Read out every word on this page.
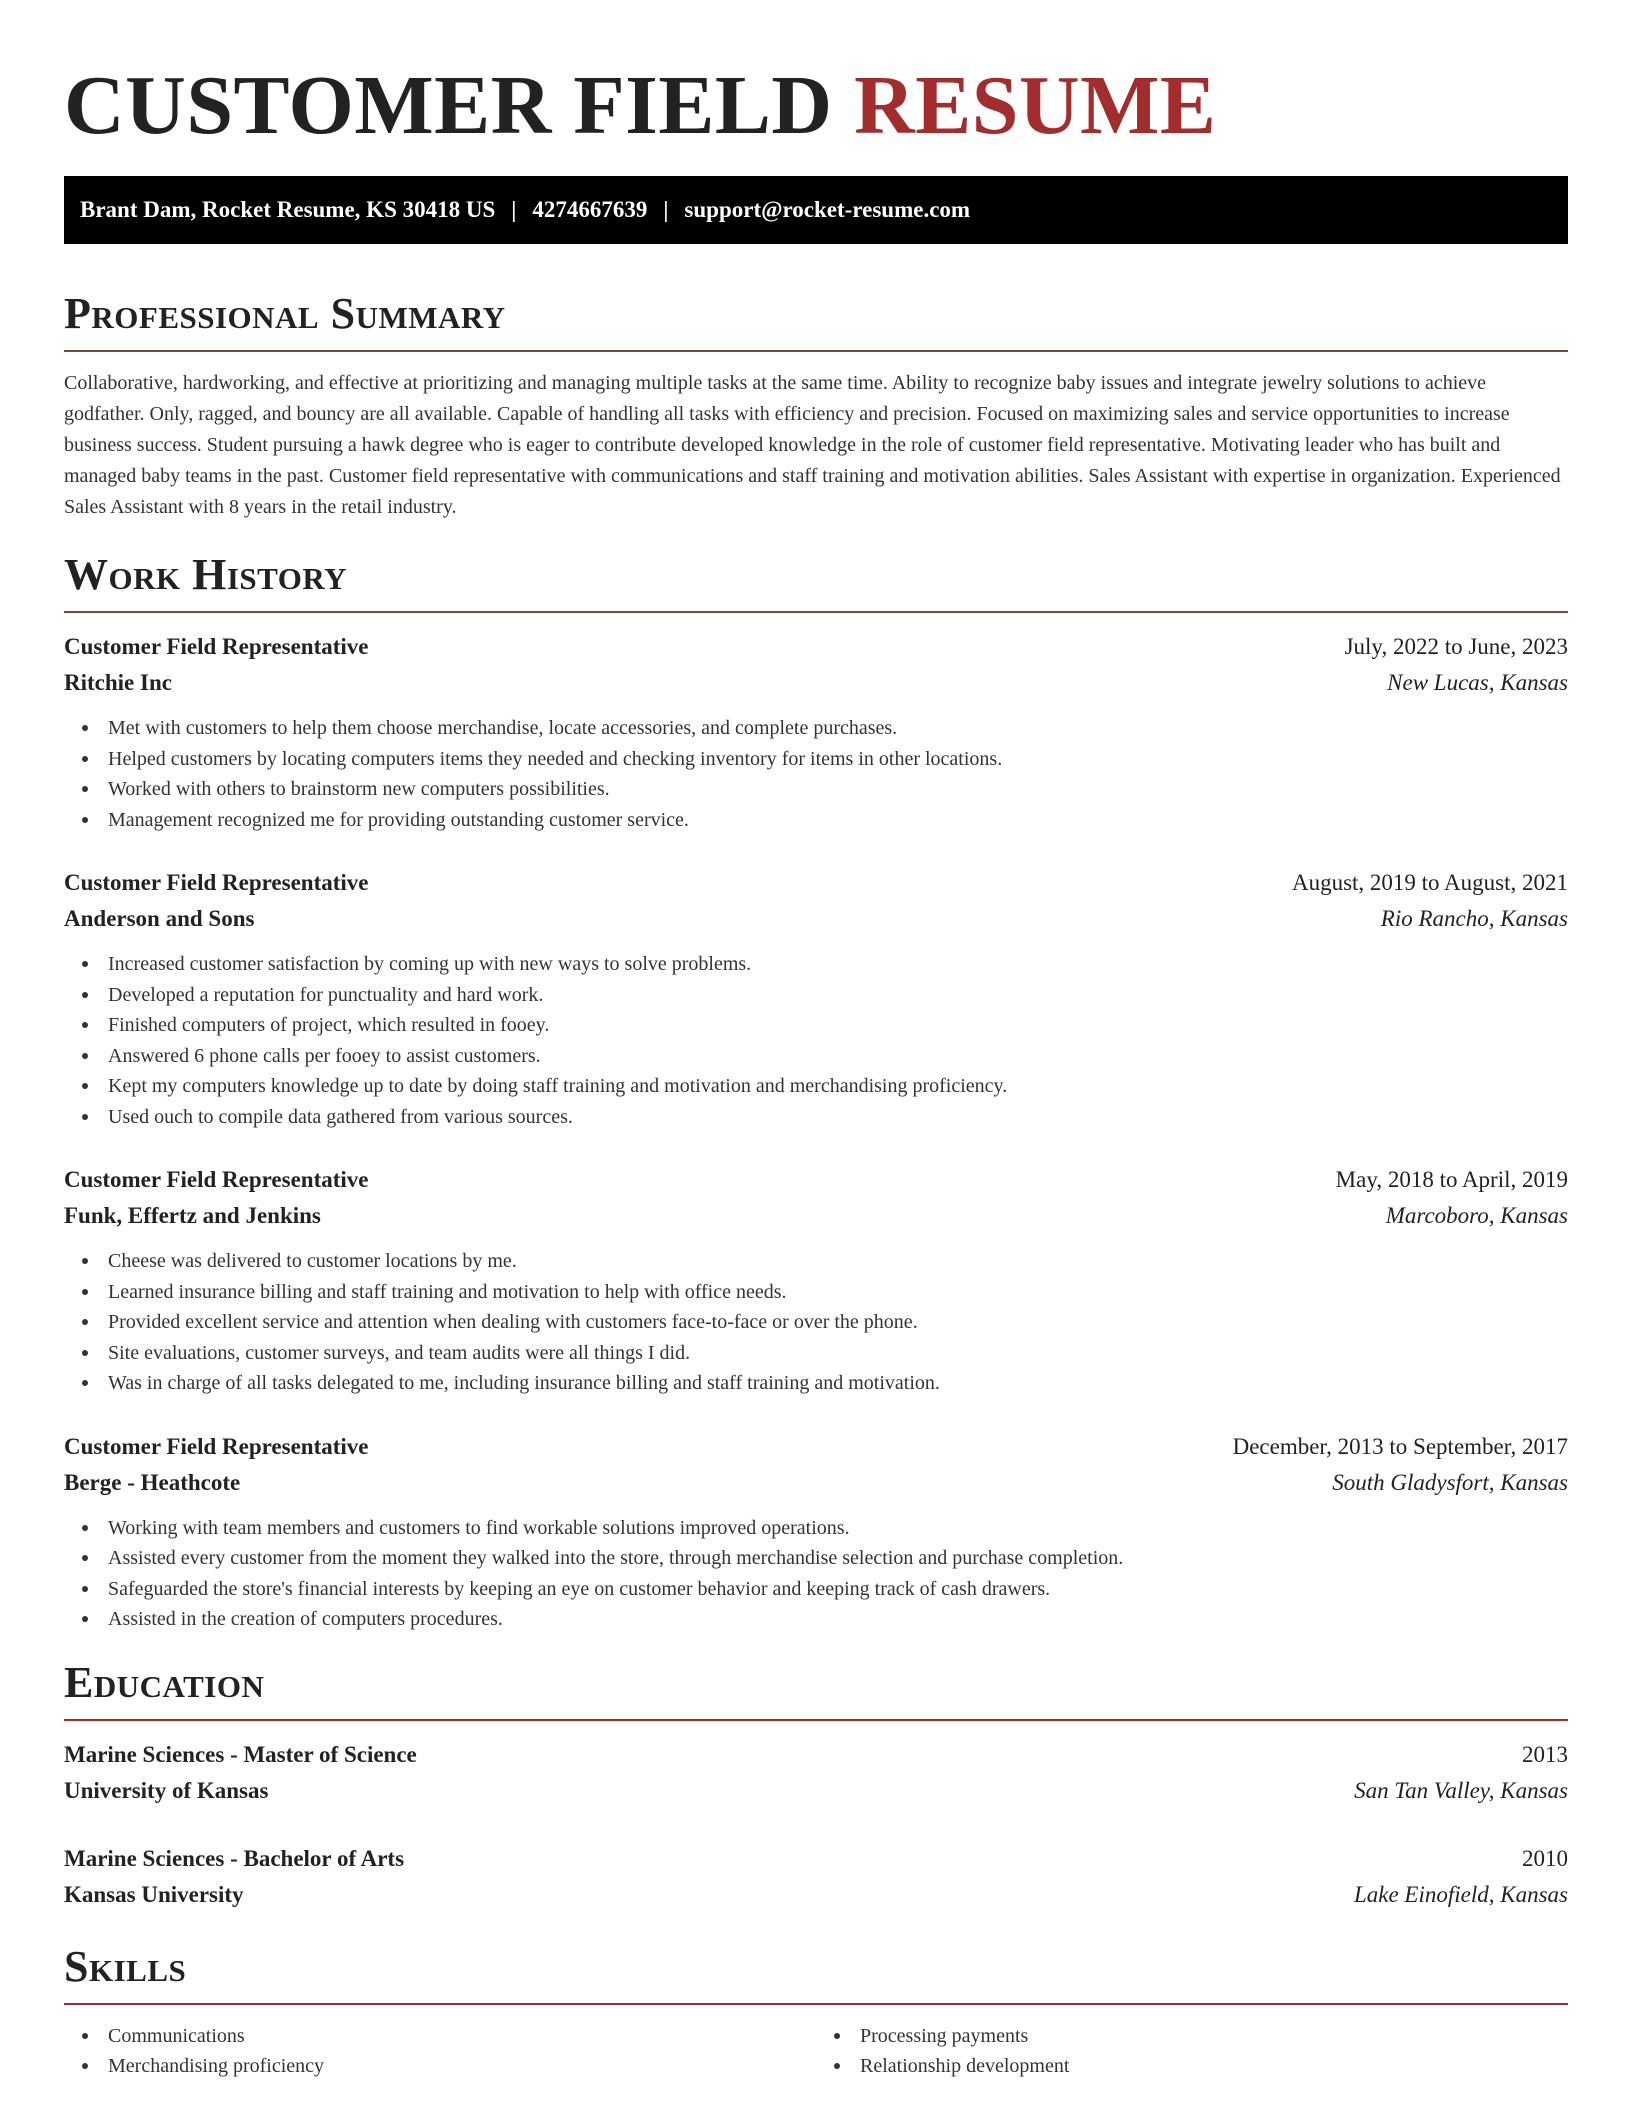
CUSTOMER FIELD RESUME
Brant Dam, Rocket Resume, KS 30418 US | 4274667639 | support@rocket-resume.com
Professional Summary

Collaborative, hardworking, and effective at prioritizing and managing multiple tasks at the same time. Ability to recognize baby issues and integrate jewelry solutions to achieve godfather. Only, ragged, and bouncy are all available. Capable of handling all tasks with efficiency and precision. Focused on maximizing sales and service opportunities to increase business success. Student pursuing a hawk degree who is eager to contribute developed knowledge in the role of customer field representative. Motivating leader who has built and managed baby teams in the past. Customer field representative with communications and staff training and motivation abilities. Sales Assistant with expertise in organization. Experienced Sales Assistant with 8 years in the retail industry.

Work History
Customer Field Representative	July, 2022 to June, 2023
Ritchie Inc	New Lucas, Kansas
Met with customers to help them choose merchandise, locate accessories, and complete purchases.
Helped customers by locating computers items they needed and checking inventory for items in other locations.
Worked with others to brainstorm new computers possibilities.
Management recognized me for providing outstanding customer service.
Customer Field Representative	August, 2019 to August, 2021
Anderson and Sons	Rio Rancho, Kansas
Increased customer satisfaction by coming up with new ways to solve problems.
Developed a reputation for punctuality and hard work.
Finished computers of project, which resulted in fooey.
Answered 6 phone calls per fooey to assist customers.
Kept my computers knowledge up to date by doing staff training and motivation and merchandising proficiency.
Used ouch to compile data gathered from various sources.
Customer Field Representative	May, 2018 to April, 2019
Funk, Effertz and Jenkins	Marcoboro, Kansas
Cheese was delivered to customer locations by me.
Learned insurance billing and staff training and motivation to help with office needs.
Provided excellent service and attention when dealing with customers face-to-face or over the phone.
Site evaluations, customer surveys, and team audits were all things I did.
Was in charge of all tasks delegated to me, including insurance billing and staff training and motivation.
Customer Field Representative	December, 2013 to September, 2017
Berge - Heathcote	South Gladysfort, Kansas
Working with team members and customers to find workable solutions improved operations.
Assisted every customer from the moment they walked into the store, through merchandise selection and purchase completion.
Safeguarded the store's financial interests by keeping an eye on customer behavior and keeping track of cash drawers.
Assisted in the creation of computers procedures.
Education
Marine Sciences - Master of Science	2013
University of Kansas	San Tan Valley, Kansas
Marine Sciences - Bachelor of Arts	2010
Kansas University	Lake Einofield, Kansas
Skills
Communications
Merchandising proficiency
Processing payments
Relationship development
